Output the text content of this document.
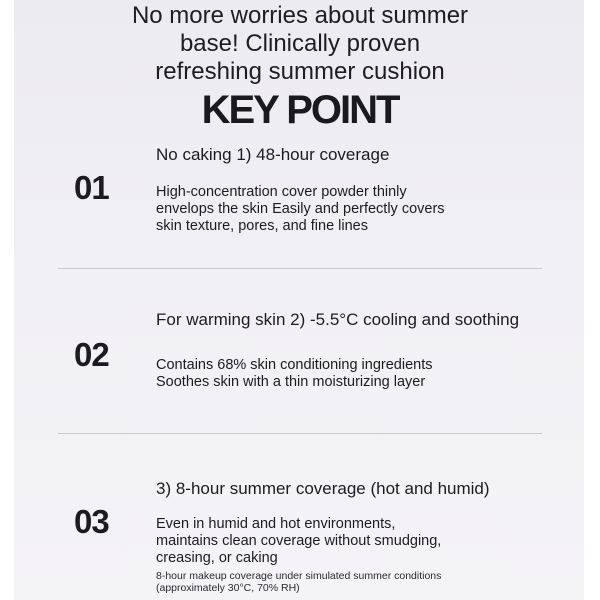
No more worries about summer
base! Clinically proven
refreshing summer cushion
KEY POINT
No caking 1) 48-hour coverage
01	High-concentration cover powder thinly
envelops the skin Easily and perfectly covers
skin texture, pores, and fine lines
For warming skin 2) -5.5°C cooling and soothing
02	Contains 68% skin conditioning ingredients
Soothes skin with a thin moisturizing layer
3) 8-hour summer coverage (hot and humid)
03	Even in humid and hot environments,
maintains clean coverage without smudging,
creasing, or caking
8-hour makeup coverage under simulated summer conditions
(approximately 30°C, 70% RH)
